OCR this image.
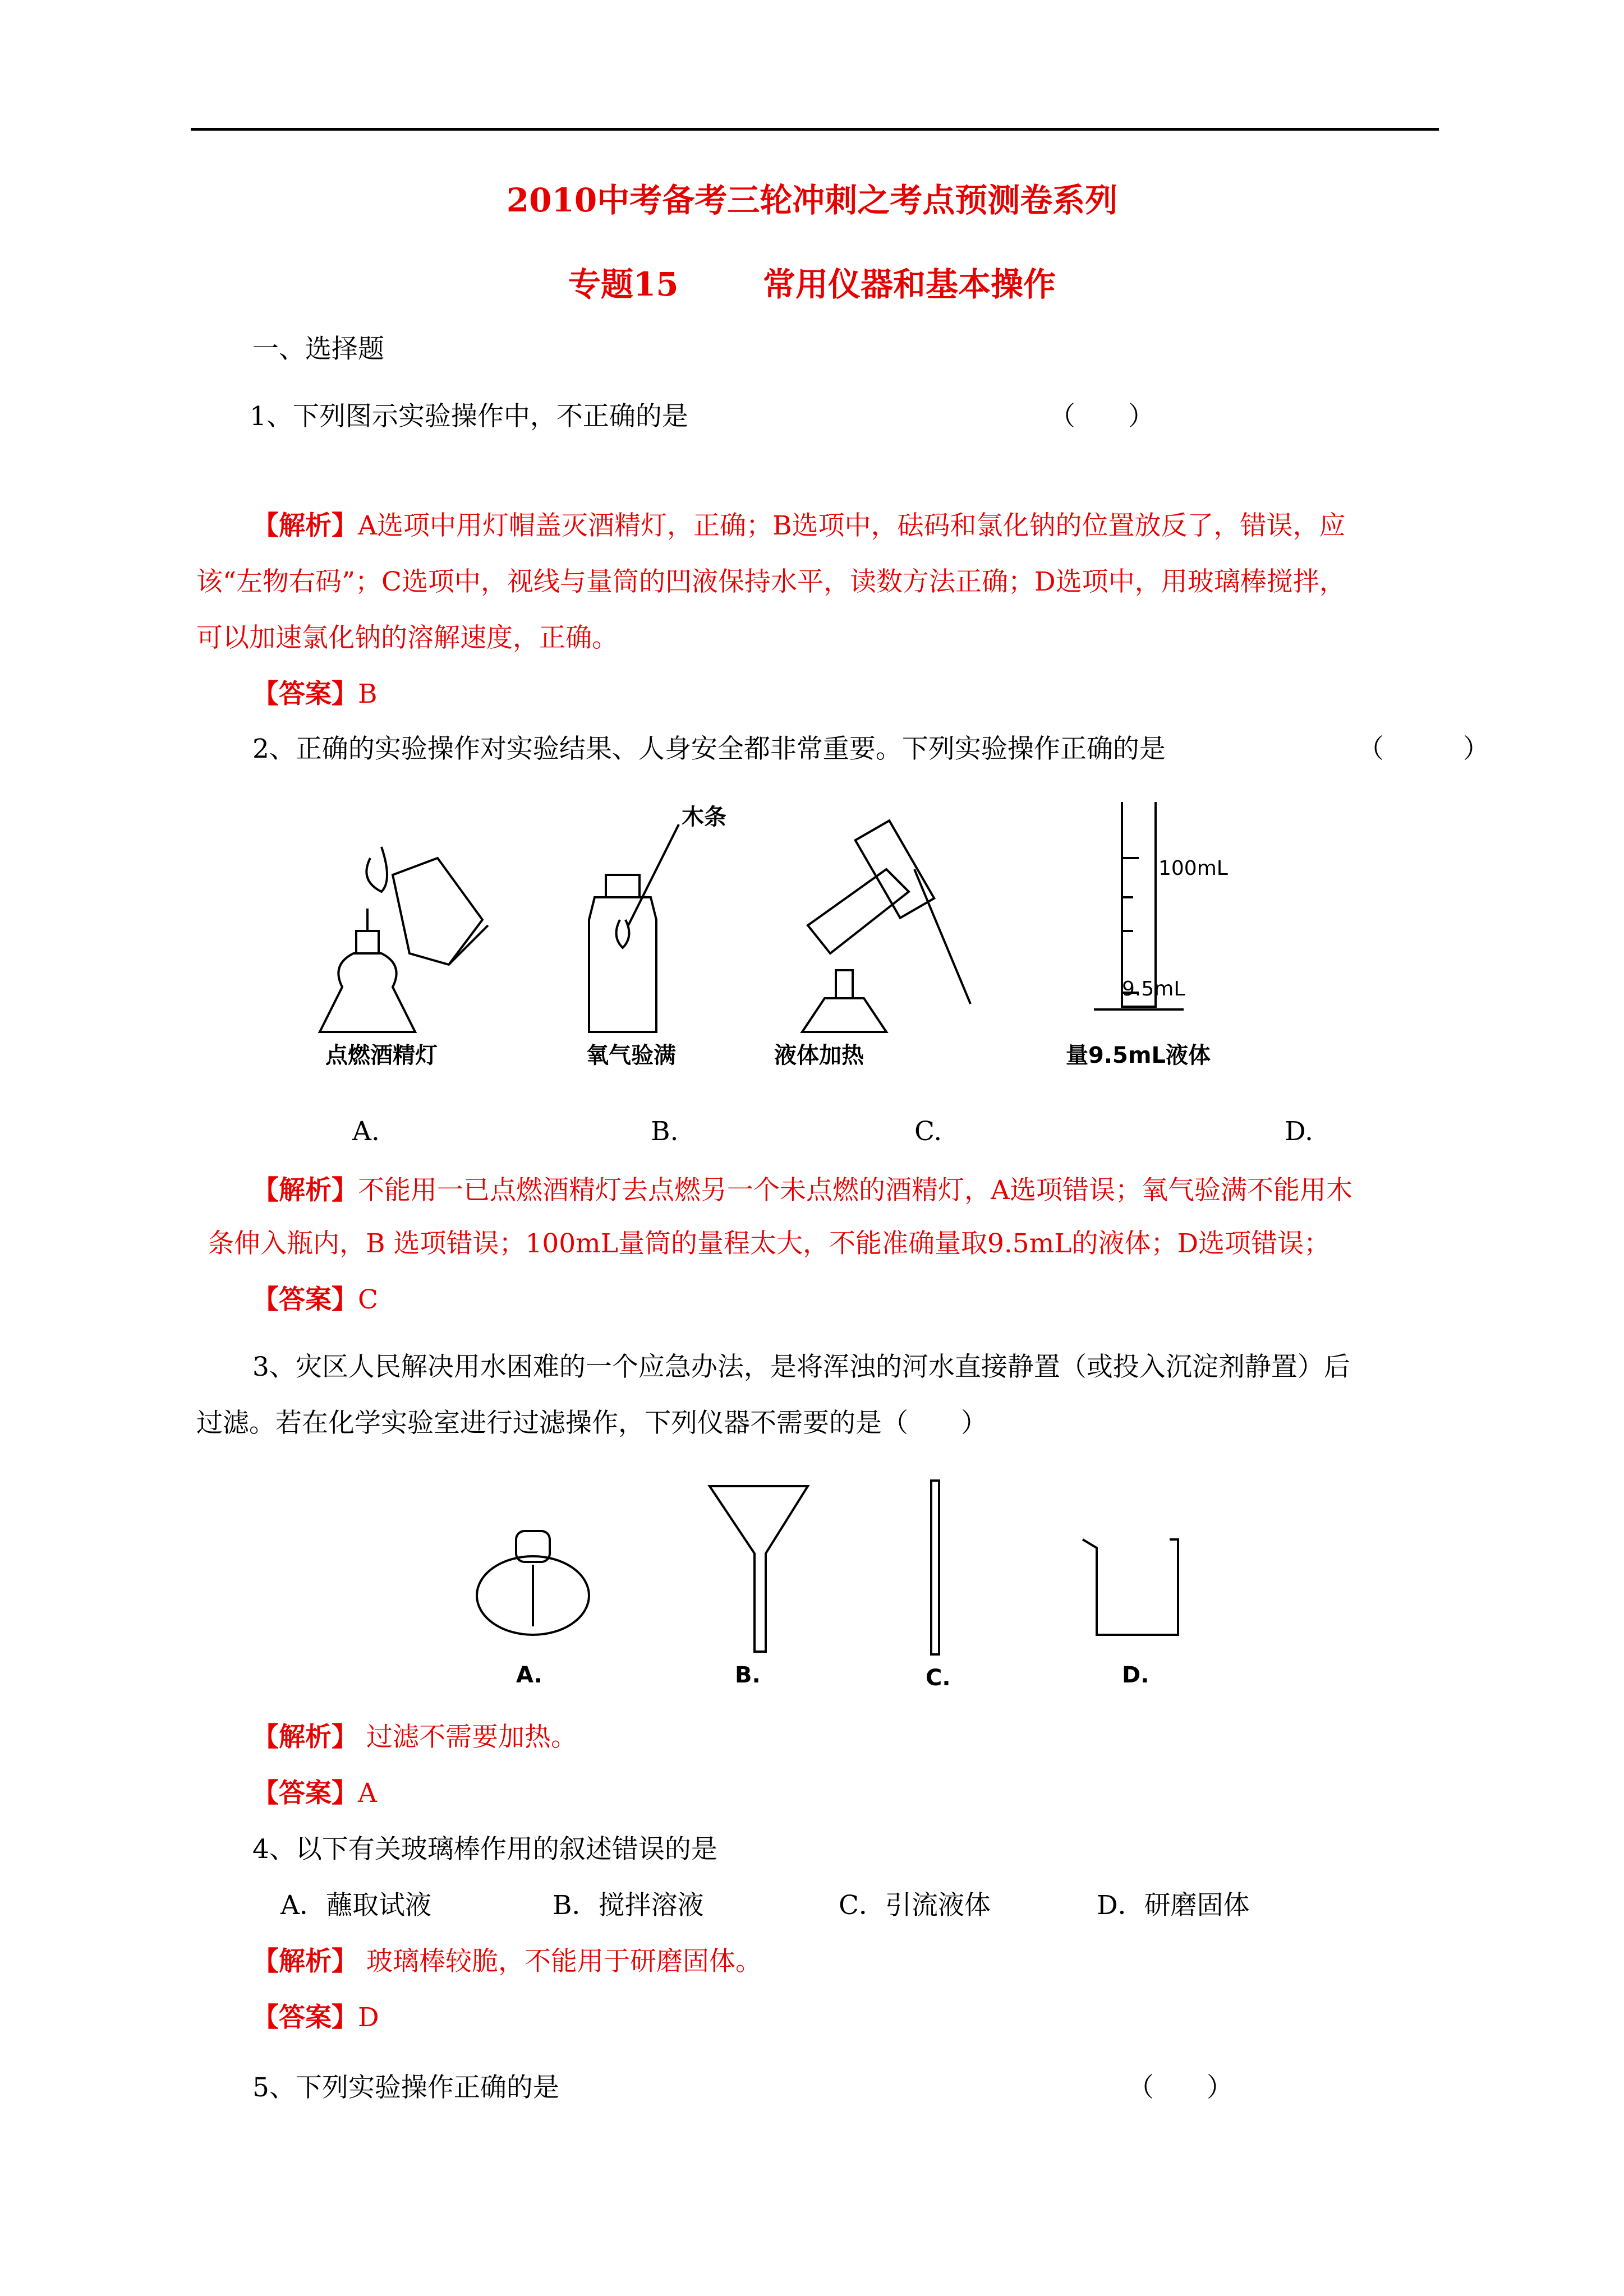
2010中考备考三轮冲刺之考点预测卷系列
专题15	常用仪器和基本操作
一、选择题
1、下列图示实验操作中，不正确的是	（　　）
【解析】A选项中用灯帽盖灭酒精灯，正确；B选项中，砝码和氯化钠的位置放反了，错误，应
该“左物右码”；C选项中，视线与量筒的凹液保持水平，读数方法正确；D选项中，用玻璃棒搅拌，
可以加速氯化钠的溶解速度，正确。
【答案】B
2、正确的实验操作对实验结果、人身安全都非常重要。下列实验操作正确的是	（　　　）
木条
100mL
9.5mL
点燃酒精灯	氧气验满	液体加热	量9.5mL液体
A.	B.	C.	D.
【解析】不能用一已点燃酒精灯去点燃另一个未点燃的酒精灯，A选项错误；氧气验满不能用木
条伸入瓶内，B 选项错误；100mL量筒的量程太大，不能准确量取9.5mL的液体；D选项错误；
【答案】C
3、灾区人民解决用水困难的一个应急办法，是将浑浊的河水直接静置（或投入沉淀剂静置）后
过滤。若在化学实验室进行过滤操作，下列仪器不需要的是（　　）
A.	B.	C.	D.
【解析】 过滤不需要加热。
【答案】A
4、以下有关玻璃棒作用的叙述错误的是
A．蘸取试液	B．搅拌溶液	C．引流液体	D．研磨固体
【解析】 玻璃棒较脆，不能用于研磨固体。
【答案】D
5、下列实验操作正确的是	（　　）
